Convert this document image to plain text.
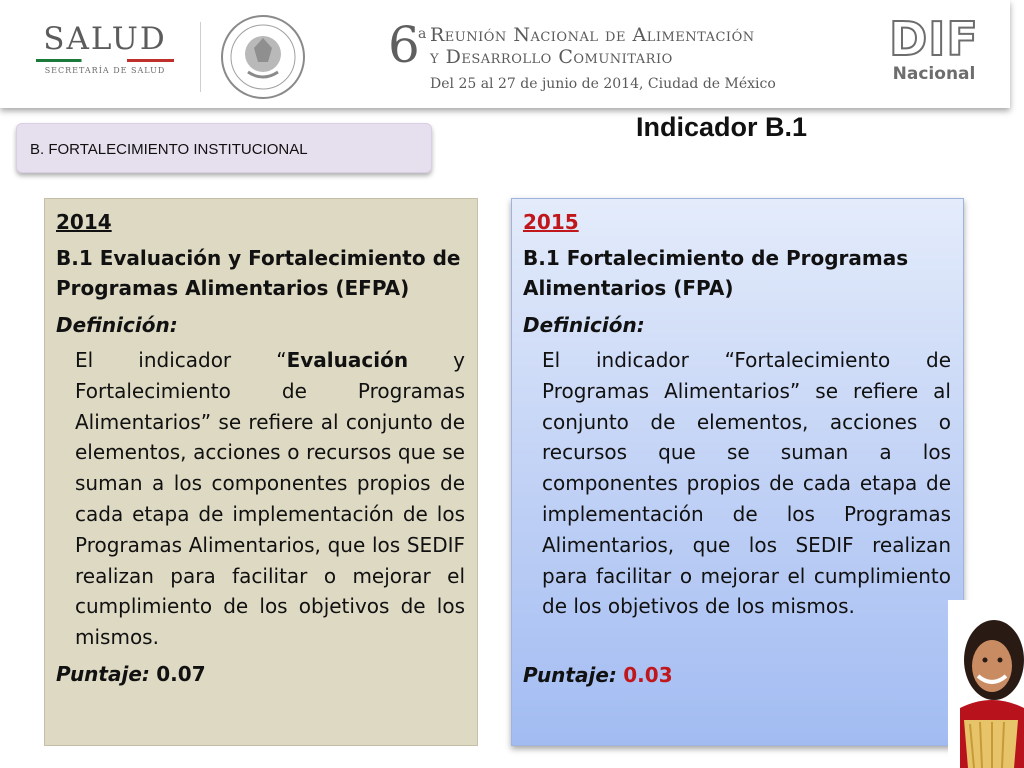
SALUD
SECRETARÍA DE SALUD	6
a Reunión Nacional de Alimentación
y Desarrollo Comunitario
Del 25 al 27 de junio de 2014, Ciudad de México
DIF
Nacional
B. FORTALECIMIENTO INSTITUCIONAL
Indicador B.1
2014
B.1 Evaluación y Fortalecimiento de Programas Alimentarios (EFPA)
Definición:
El indicador “Evaluación y Fortalecimiento de Programas Alimentarios” se refiere al conjunto de elementos, acciones o recursos que se suman a los componentes propios de cada etapa de implementación de los Programas Alimentarios, que los SEDIF realizan para facilitar o mejorar el cumplimiento de los objetivos de los mismos.
Puntaje: 0.07
2015
B.1 Fortalecimiento de Programas Alimentarios (FPA)
Definición:
El indicador “Fortalecimiento de Programas Alimentarios” se refiere al conjunto de elementos, acciones o recursos que se suman a los componentes propios de cada etapa de implementación de los Programas Alimentarios, que los SEDIF realizan para facilitar o mejorar el cumplimiento de los objetivos de los mismos.
Puntaje: 0.03
